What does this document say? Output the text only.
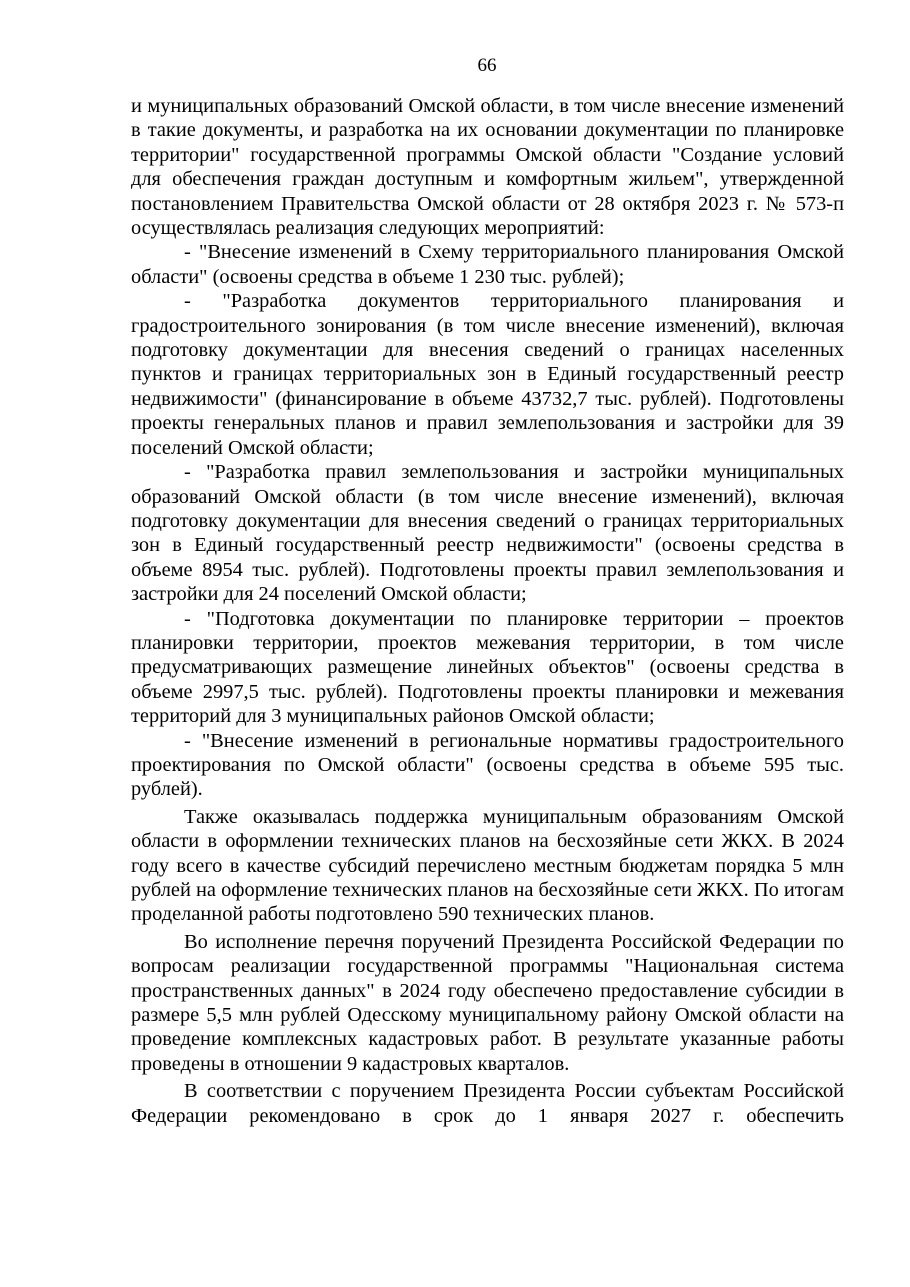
66

и муниципальных образований Омской области, в том числе внесение изменений в такие документы, и разработка на их основании документации по планировке территории" государственной программы Омской области "Создание условий для обеспечения граждан доступным и комфортным жильем", утвержденной постановлением Правительства Омской области от 28 октября 2023 г. № 573-п осуществлялась реализация следующих мероприятий:

- "Внесение изменений в Схему территориального планирования Омской области" (освоены средства в объеме 1 230 тыс. рублей);

- "Разработка документов территориального планирования и градостроительного зонирования (в том числе внесение изменений), включая подготовку документации для внесения сведений о границах населенных пунктов и границах территориальных зон в Единый государственный реестр недвижимости" (финансирование в объеме 43732,7 тыс. рублей). Подготовлены проекты генеральных планов и правил землепользования и застройки для 39 поселений Омской области;

- "Разработка правил землепользования и застройки муниципальных образований Омской области (в том числе внесение изменений), включая подготовку документации для внесения сведений о границах территориальных зон в Единый государственный реестр недвижимости" (освоены средства в объеме 8954 тыс. рублей). Подготовлены проекты правил землепользования и застройки для 24 поселений Омской области;

- "Подготовка документации по планировке территории – проектов планировки территории, проектов межевания территории, в том числе предусматривающих размещение линейных объектов" (освоены средства в объеме 2997,5 тыс. рублей). Подготовлены проекты планировки и межевания территорий для 3 муниципальных районов Омской области;

- "Внесение изменений в региональные нормативы градостроительного проектирования по Омской области" (освоены средства в объеме 595 тыс. рублей).

Также оказывалась поддержка муниципальным образованиям Омской области в оформлении технических планов на бесхозяйные сети ЖКХ. В 2024 году всего в качестве субсидий перечислено местным бюджетам порядка 5 млн рублей на оформление технических планов на бесхозяйные сети ЖКХ. По итогам проделанной работы подготовлено 590 технических планов.

Во исполнение перечня поручений Президента Российской Федерации по вопросам реализации государственной программы "Национальная система пространственных данных" в 2024 году обеспечено предоставление субсидии в размере 5,5 млн рублей Одесскому муниципальному району Омской области на проведение комплексных кадастровых работ. В результате указанные работы проведены в отношении 9 кадастровых кварталов.

В соответствии с поручением Президента России субъектам Российской Федерации рекомендовано в срок до 1 января 2027 г. обеспечить
